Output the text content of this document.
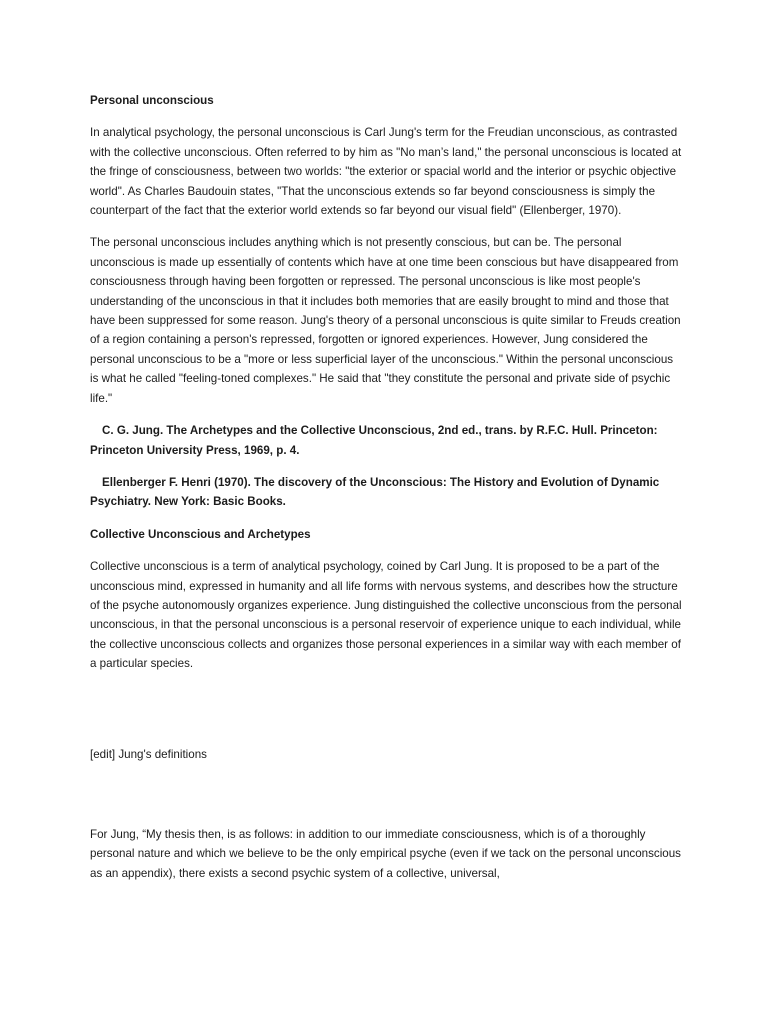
Personal unconscious

In analytical psychology, the personal unconscious is Carl Jung's term for the Freudian unconscious, as contrasted with the collective unconscious. Often referred to by him as "No man’s land," the personal unconscious is located at the fringe of consciousness, between two worlds: "the exterior or spacial world and the interior or psychic objective world". As Charles Baudouin states, "That the unconscious extends so far beyond consciousness is simply the counterpart of the fact that the exterior world extends so far beyond our visual field" (Ellenberger, 1970).

The personal unconscious includes anything which is not presently conscious, but can be. The personal unconscious is made up essentially of contents which have at one time been conscious but have disappeared from consciousness through having been forgotten or repressed. The personal unconscious is like most people's understanding of the unconscious in that it includes both memories that are easily brought to mind and those that have been suppressed for some reason. Jung's theory of a personal unconscious is quite similar to Freuds creation of a region containing a person's repressed, forgotten or ignored experiences. However, Jung considered the personal unconscious to be a "more or less superficial layer of the unconscious." Within the personal unconscious is what he called "feeling-toned complexes." He said that "they constitute the personal and private side of psychic life."

C. G. Jung. The Archetypes and the Collective Unconscious, 2nd ed., trans. by R.F.C. Hull. Princeton: Princeton University Press, 1969, p. 4.

Ellenberger F. Henri (1970). The discovery of the Unconscious: The History and Evolution of Dynamic Psychiatry. New York: Basic Books.

Collective Unconscious and Archetypes

Collective unconscious is a term of analytical psychology, coined by Carl Jung. It is proposed to be a part of the unconscious mind, expressed in humanity and all life forms with nervous systems, and describes how the structure of the psyche autonomously organizes experience. Jung distinguished the collective unconscious from the personal unconscious, in that the personal unconscious is a personal reservoir of experience unique to each individual, while the collective unconscious collects and organizes those personal experiences in a similar way with each member of a particular species.

[edit] Jung's definitions

For Jung, “My thesis then, is as follows: in addition to our immediate consciousness, which is of a thoroughly personal nature and which we believe to be the only empirical psyche (even if we tack on the personal unconscious as an appendix), there exists a second psychic system of a collective, universal,
